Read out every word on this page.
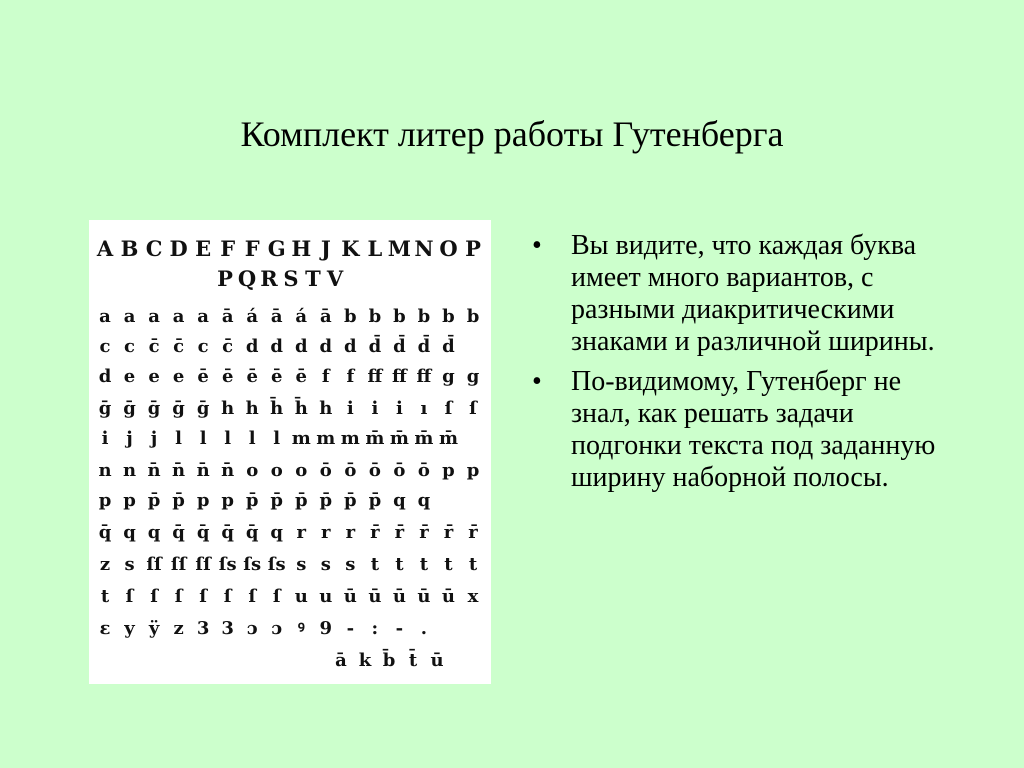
Комплект литер работы Гутенберга
A B C D E F F G H J K L M N O P
P Q R S T V
a a a a a ā á ā á ā b b b b b b
c c c̄ c̄ c c̄ d d d d d d̄ d̄ d̄ d̄
d e e e ē ē ē ē ē f f ff ff ff g g
ḡ ḡ ḡ ḡ ḡ h h h̄ h̄ h i i i ı ſ ſ
i j j l l l l l m m m m̄ m̄ m̄ m̄
n n n̄ n̄ n̄ n̄ o o o ō ō ō ō ō p p
p p p̄ p̄ p p p̄ p̄ p̄ p̄ p̄ p̄ q q
q̄ q q q̄ q̄ q̄ q̄ q r r r r̄ r̄ r̄ r̄ r̄
z s ſſ ſſ ſſ ſs ſs ſs s s s t t t t t
t ſ ſ ſ ſ ſ ſ ſ u u ū ū ū ū ū x
ɛ y ÿ z 3 3 ɔ ɔ ꝰ 9 - : - .
ā k b̄ t̄ ū
• Вы видите, что каждая буква имеет много вариантов, с разными диакритическими знаками и различной ширины.
• По-видимому, Гутенберг не знал, как решать задачи подгонки текста под заданную ширину наборной полосы.
